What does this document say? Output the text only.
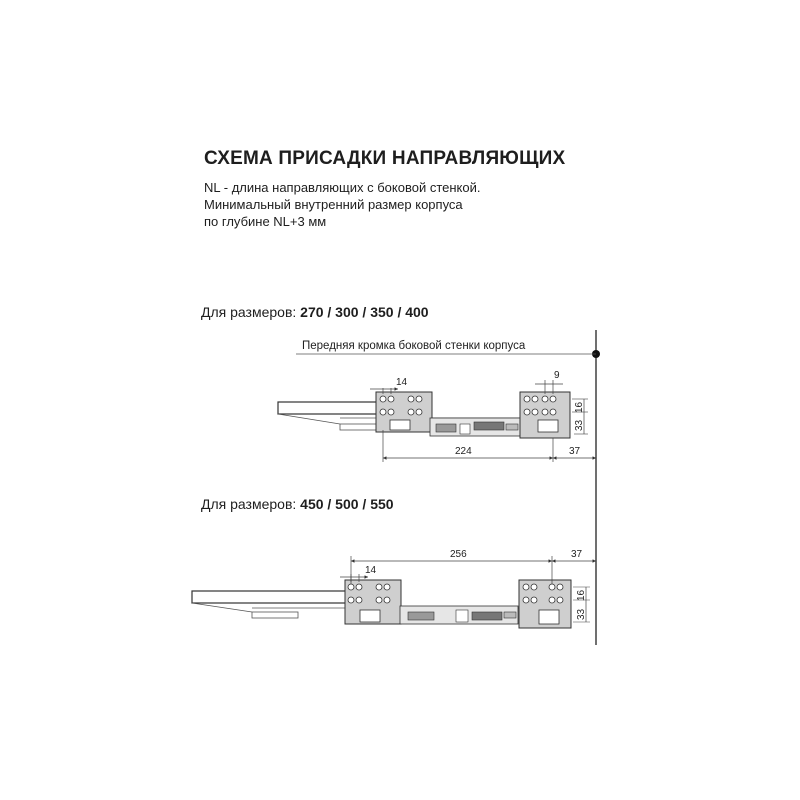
СХЕМА ПРИСАДКИ НАПРАВЛЯЮЩИХ
NL - длина направляющих с боковой стенкой.
Минимальный внутренний размер корпуса
по глубине NL+3 мм
Для размеров: 270 / 300 / 350 / 400
Для размеров: 450 / 500 / 550
Передняя кромка боковой стенки корпуса
14
9
16
33
224	37
256	37
14
16
33
